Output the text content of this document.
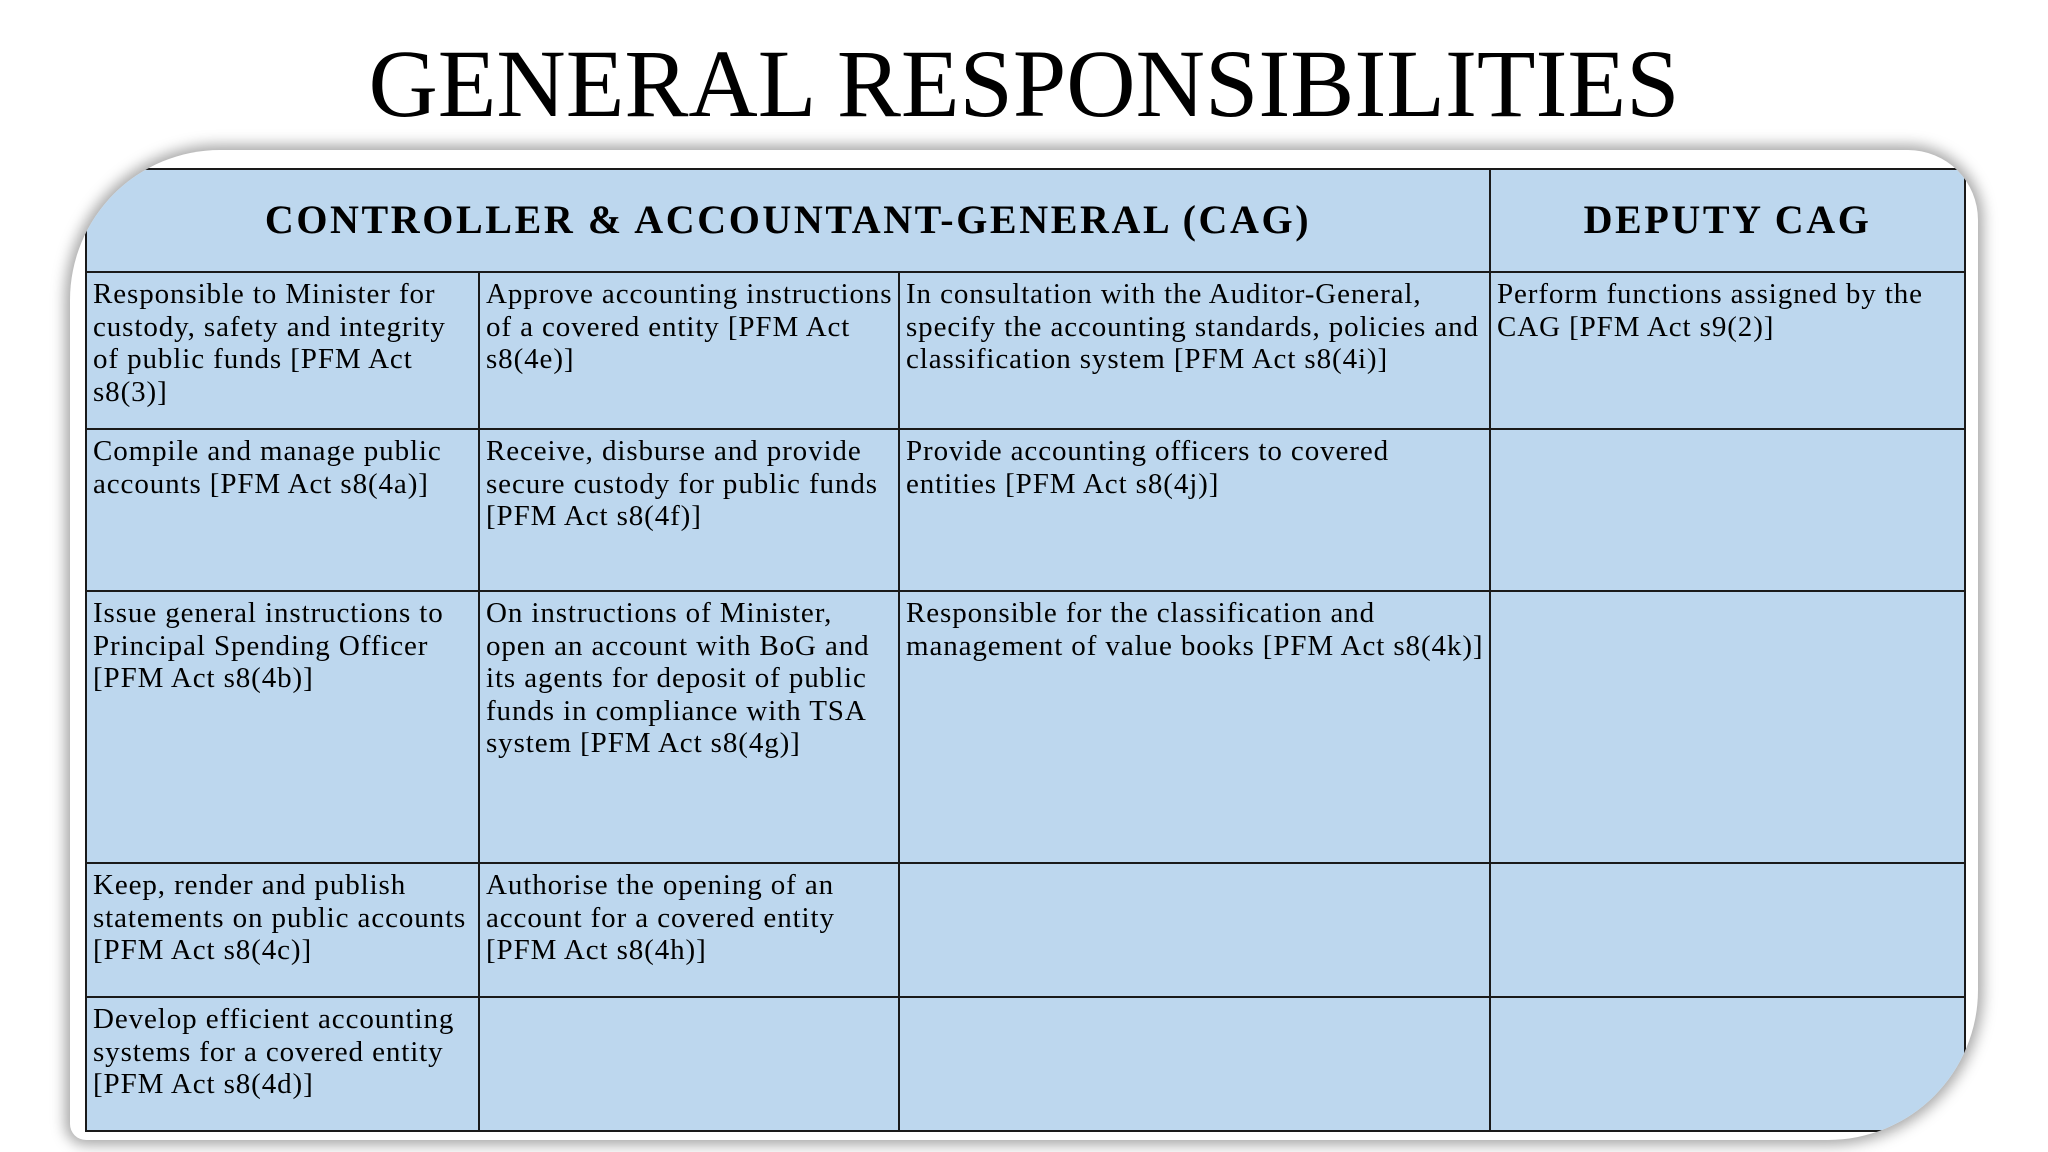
GENERAL RESPONSIBILITIES
CONTROLLER & ACCOUNTANT-GENERAL (CAG)			DEPUTY CAG
Responsible to Minister for custody, safety and integrity of public funds [PFM Act s8(3)]	Approve accounting instructions of a covered entity [PFM Act s8(4e)]	In consultation with the Auditor-General, specify the accounting standards, policies and classification system [PFM Act s8(4i)]	Perform functions assigned by the CAG [PFM Act s9(2)]
Compile and manage public accounts [PFM Act s8(4a)]	Receive, disburse and provide secure custody for public funds [PFM Act s8(4f)]	Provide accounting officers to covered entities [PFM Act s8(4j)]	
Issue general instructions to Principal Spending Officer [PFM Act s8(4b)]	On instructions of Minister, open an account with BoG and its agents for deposit of public funds in compliance with TSA system [PFM Act s8(4g)]	Responsible for the classification and management of value books [PFM Act s8(4k)]	
Keep, render and publish statements on public accounts [PFM Act s8(4c)]	Authorise the opening of an account for a covered entity [PFM Act s8(4h)]		
Develop efficient accounting systems for a covered entity [PFM Act s8(4d)]			
